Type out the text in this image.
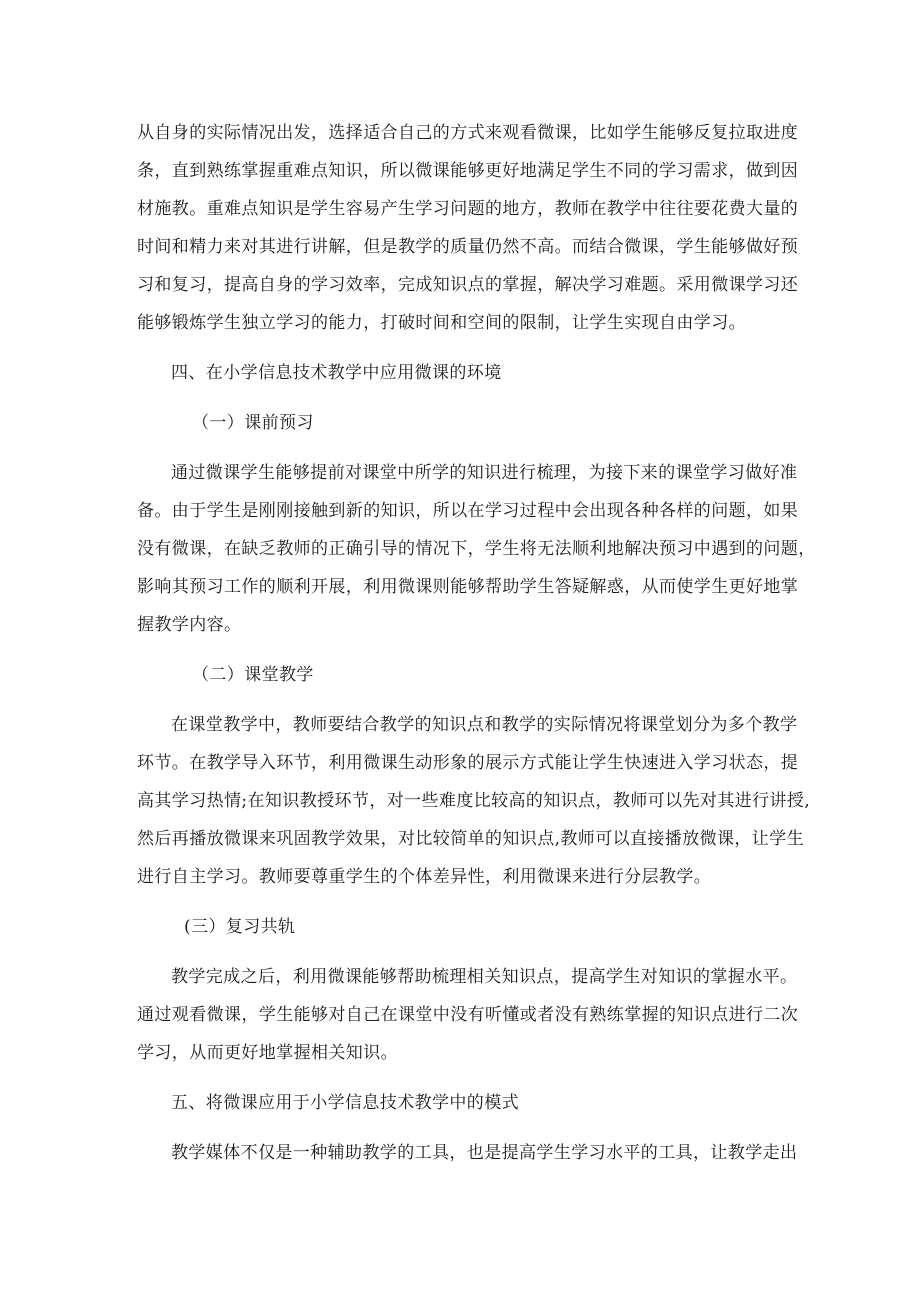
从自身的实际情况出发，选择适合自己的方式来观看微课，比如学生能够反复拉取进度
条，直到熟练掌握重难点知识，所以微课能够更好地满足学生不同的学习需求，做到因
材施教。重难点知识是学生容易产生学习问题的地方，教师在教学中往往要花费大量的
时间和精力来对其进行讲解，但是教学的质量仍然不高。而结合微课，学生能够做好预
习和复习，提高自身的学习效率，完成知识点的掌握，解决学习难题。采用微课学习还
能够锻炼学生独立学习的能力，打破时间和空间的限制，让学生实现自由学习。
四、在小学信息技术教学中应用微课的环境
（一）课前预习
通过微课学生能够提前对课堂中所学的知识进行梳理，为接下来的课堂学习做好准
备。由于学生是刚刚接触到新的知识，所以在学习过程中会出现各种各样的问题，如果
没有微课，在缺乏教师的正确引导的情况下，学生将无法顺利地解决预习中遇到的问题，
影响其预习工作的顺利开展，利用微课则能够帮助学生答疑解惑，从而使学生更好地掌
握教学内容。
（二）课堂教学
在课堂教学中，教师要结合教学的知识点和教学的实际情况将课堂划分为多个教学
环节。在教学导入环节，利用微课生动形象的展示方式能让学生快速进入学习状态，提
高其学习热情;在知识教授环节，对一些难度比较高的知识点，教师可以先对其进行讲授,
然后再播放微课来巩固教学效果，对比较简单的知识点,教师可以直接播放微课，让学生
进行自主学习。教师要尊重学生的个体差异性，利用微课来进行分层教学。
(三）复习共轨
教学完成之后，利用微课能够帮助梳理相关知识点，提高学生对知识的掌握水平。
通过观看微课，学生能够对自己在课堂中没有听懂或者没有熟练掌握的知识点进行二次
学习，从而更好地掌握相关知识。
五、将微课应用于小学信息技术教学中的模式
教学媒体不仅是一种辅助教学的工具，也是提高学生学习水平的工具，让教学走出
